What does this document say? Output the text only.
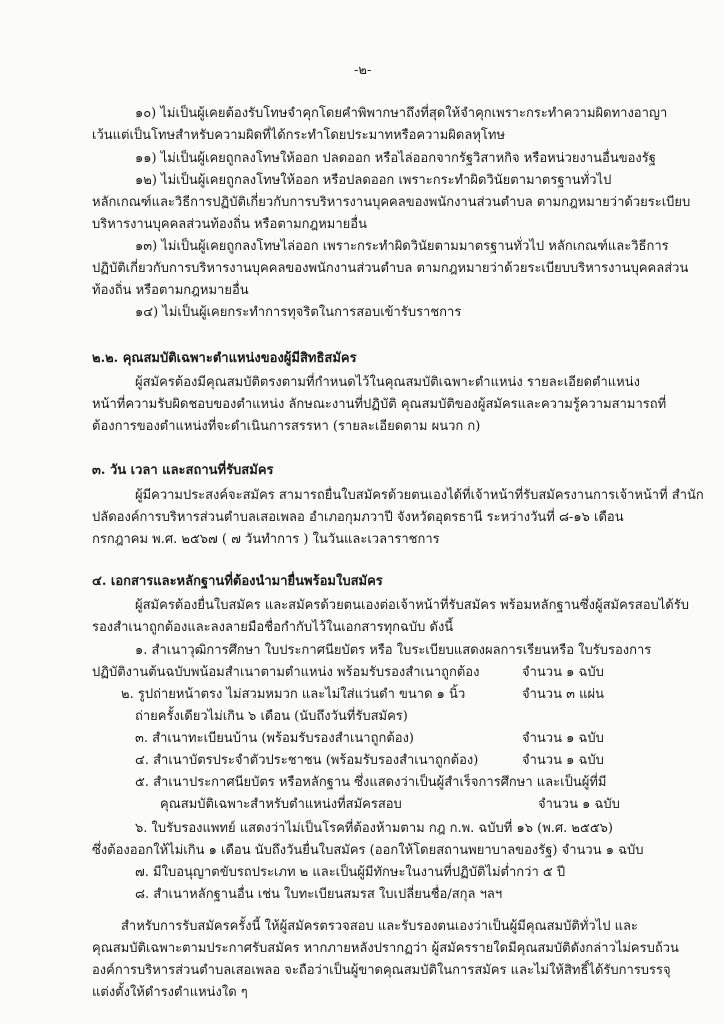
-๒-
๑๐) ไม่เป็นผู้เคยต้องรับโทษจำคุกโดยคำพิพากษาถึงที่สุดให้จำคุกเพราะกระทำความผิดทางอาญา
เว้นแต่เป็นโทษสำหรับความผิดที่ได้กระทำโดยประมาทหรือความผิดลหุโทษ
๑๑) ไม่เป็นผู้เคยถูกลงโทษให้ออก ปลดออก หรือไล่ออกจากรัฐวิสาหกิจ หรือหน่วยงานอื่นของรัฐ
๑๒) ไม่เป็นผู้เคยถูกลงโทษให้ออก หรือปลดออก เพราะกระทำผิดวินัยตามาตรฐานทั่วไป
หลักเกณฑ์และวิธีการปฏิบัติเกี่ยวกับการบริหารงานบุคคลของพนักงานส่วนตำบล ตามกฎหมายว่าด้วยระเบียบ
บริหารงานบุคคลส่วนท้องถิ่น หรือตามกฎหมายอื่น
๑๓) ไม่เป็นผู้เคยถูกลงโทษไล่ออก เพราะกระทำผิดวินัยตามมาตรฐานทั่วไป หลักเกณฑ์และวิธีการ
ปฏิบัติเกี่ยวกับการบริหารงานบุคคลของพนักงานส่วนตำบล ตามกฎหมายว่าด้วยระเบียบบริหารงานบุคคลส่วน
ท้องถิ่น หรือตามกฎหมายอื่น
๑๔) ไม่เป็นผู้เคยกระทำการทุจริตในการสอบเข้ารับราชการ
๒.๒. คุณสมบัติเฉพาะตำแหน่งของผู้มีสิทธิสมัคร
ผู้สมัครต้องมีคุณสมบัติตรงตามที่กำหนดไว้ในคุณสมบัติเฉพาะตำแหน่ง รายละเอียดตำแหน่ง
หน้าที่ความรับผิดชอบของตำแหน่ง ลักษณะงานที่ปฏิบัติ คุณสมบัติของผู้สมัครและความรู้ความสามารถที่
ต้องการของตำแหน่งที่จะดำเนินการสรรหา (รายละเอียดตาม ผนวก ก)
๓. วัน เวลา และสถานที่รับสมัคร
ผู้มีความประสงค์จะสมัคร สามารถยื่นใบสมัครด้วยตนเองได้ที่เจ้าหน้าที่รับสมัครงานการเจ้าหน้าที่ สำนัก
ปลัดองค์การบริหารส่วนตำบลเสอเพลอ อำเภอกุมภวาปี จังหวัดอุดรธานี ระหว่างวันที่ ๘-๑๖ เดือน
กรกฎาคม พ.ศ. ๒๕๖๗ ( ๗ วันทำการ ) ในวันและเวลาราชการ
๔. เอกสารและหลักฐานที่ต้องนำมายื่นพร้อมใบสมัคร
ผู้สมัครต้องยื่นใบสมัคร และสมัครด้วยตนเองต่อเจ้าหน้าที่รับสมัคร พร้อมหลักฐานซึ่งผู้สมัครสอบได้รับ
รองสำเนาถูกต้องและลงลายมือชื่อกำกับไว้ในเอกสารทุกฉบับ ดังนี้
๑. สำเนาวุฒิการศึกษา ใบประกาศนียบัตร หรือ ใบระเบียบแสดงผลการเรียนหรือ ใบรับรองการ
ปฏิบัติงานต้นฉบับพน้อมสำเนาตามตำแหน่ง พร้อมรับรองสำเนาถูกต้อง	จำนวน ๑ ฉบับ
๒. รูปถ่ายหน้าตรง ไม่สวมหมวก และไม่ใส่แว่นดำ ขนาด ๑ นิ้ว	จำนวน ๓ แผ่น
ถ่ายครั้งเดียวไม่เกิน ๖ เดือน (นับถึงวันที่รับสมัคร)
๓. สำเนาทะเบียนบ้าน (พร้อมรับรองสำเนาถูกต้อง)	จำนวน ๑ ฉบับ
๔. สำเนาบัตรประจำตัวประชาชน (พร้อมรับรองสำเนาถูกต้อง)	จำนวน ๑ ฉบับ
๕. สำเนาประกาศนียบัตร หรือหลักฐาน ซึ่งแสดงว่าเป็นผู้สำเร็จการศึกษา และเป็นผู้ที่มี
คุณสมบัติเฉพาะสำหรับตำแหน่งที่สมัครสอบ	จำนวน ๑ ฉบับ
๖. ใบรับรองแพทย์ แสดงว่าไม่เป็นโรคที่ต้องห้ามตาม กฎ ก.พ. ฉบับที่ ๑๖ (พ.ศ. ๒๕๕๖)
ซึ่งต้องออกให้ไม่เกิน ๑ เดือน นับถึงวันยื่นใบสมัคร (ออกให้โดยสถานพยาบาลของรัฐ) จำนวน ๑ ฉบับ
๗. มีใบอนุญาตขับรถประเภท ๒ และเป็นผู้มีทักษะในงานที่ปฏิบัติไม่ต่ำกว่า ๕ ปี
๘. สำเนาหลักฐานอื่น เช่น ใบทะเบียนสมรส ใบเปลี่ยนชื่อ/สกุล ฯลฯ
สำหรับการรับสมัครครั้งนี้ ให้ผู้สมัครตรวจสอบ และรับรองตนเองว่าเป็นผู้มีคุณสมบัติทั่วไป และ
คุณสมบัติเฉพาะตามประกาศรับสมัคร หากภายหลังปรากฏว่า ผู้สมัครรายใดมีคุณสมบัติดังกล่าวไม่ครบถ้วน
องค์การบริหารส่วนตำบลเสอเพลอ จะถือว่าเป็นผู้ขาดคุณสมบัติในการสมัคร และไม่ให้สิทธิ์ได้รับการบรรจุ
แต่งตั้งให้ดำรงตำแหน่งใด ๆ
